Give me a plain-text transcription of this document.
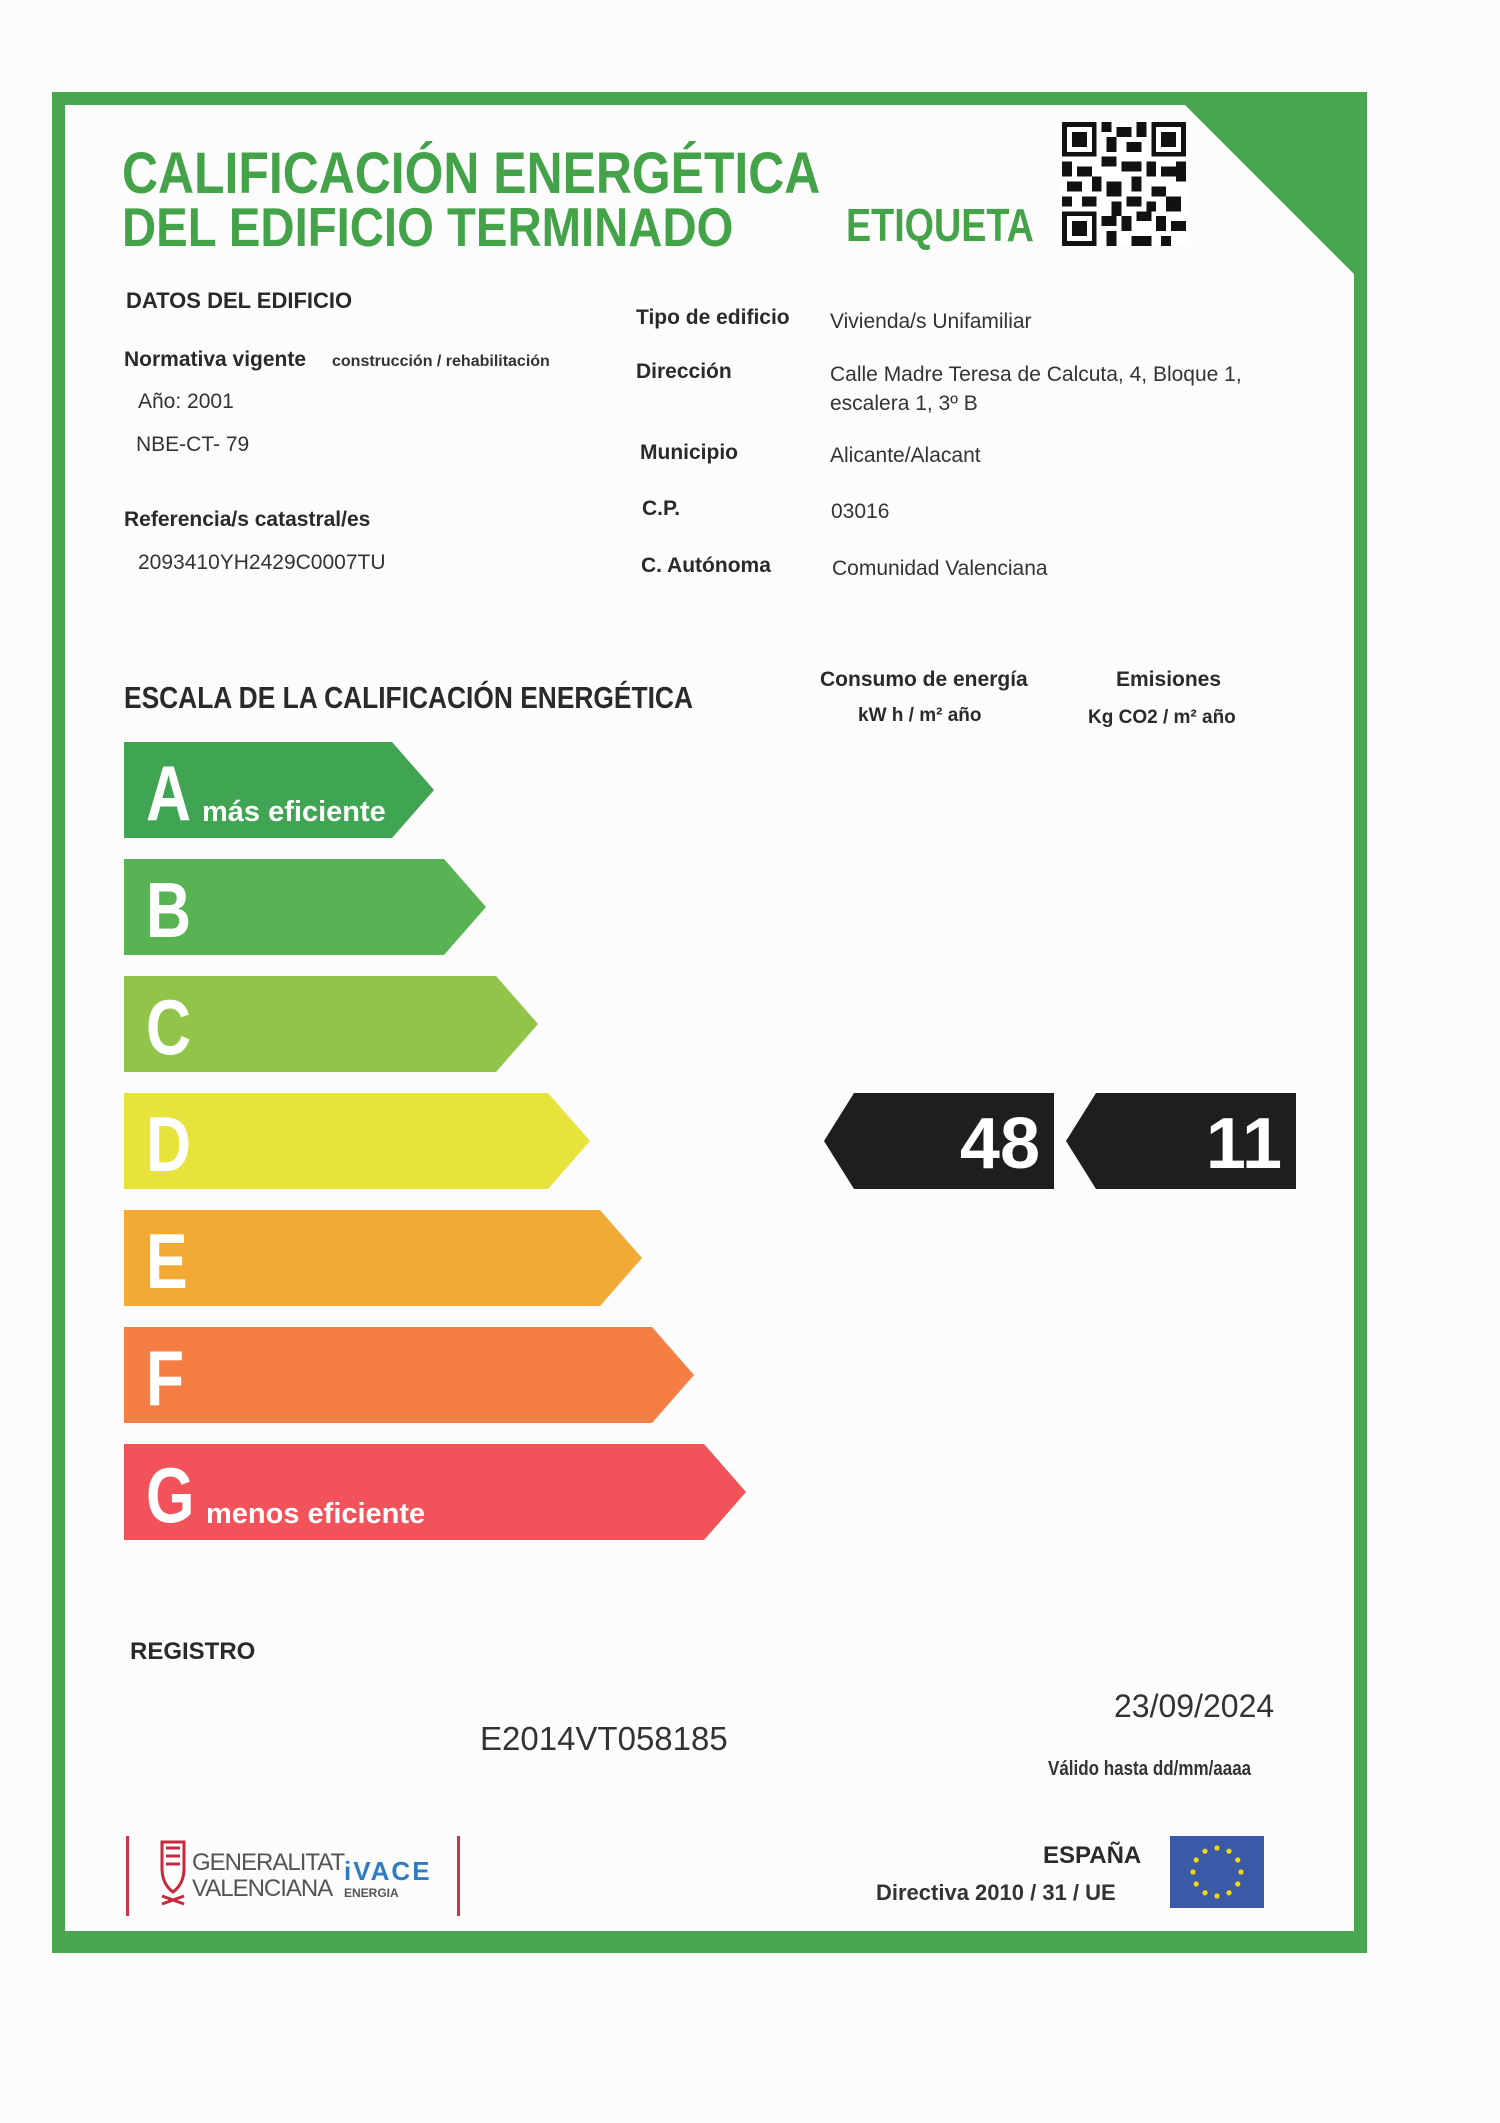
CALIFICACIÓN ENERGÉTICA
DEL EDIFICIO TERMINADO ETIQUETA
DATOS DEL EDIFICIO
Normativa vigente construcción / rehabilitación
Año: 2001
NBE-CT- 79
Referencia/s catastral/es
2093410YH2429C0007TU
Tipo de edificio Vivienda/s Unifamiliar
Dirección	Calle Madre Teresa de Calcuta, 4, Bloque 1,
escalera 1, 3º B
Municipio	Alicante/Alacant
C.P.	03016
C. Autónoma	Comunidad Valenciana
ESCALA DE LA CALIFICACIÓN ENERGÉTICA
Consumo de energía
kW h / m² año
Emisiones
Kg CO2 / m² año
A más eficiente
B
C
D
E
F
G menos eficiente
48 11
REGISTRO
E2014VT058185
23/09/2024
Válido hasta dd/mm/aaaa
GENERALITAT
VALENCIANA
iVACE
ENERGIA
ESPAÑA
Directiva 2010 / 31 / UE
